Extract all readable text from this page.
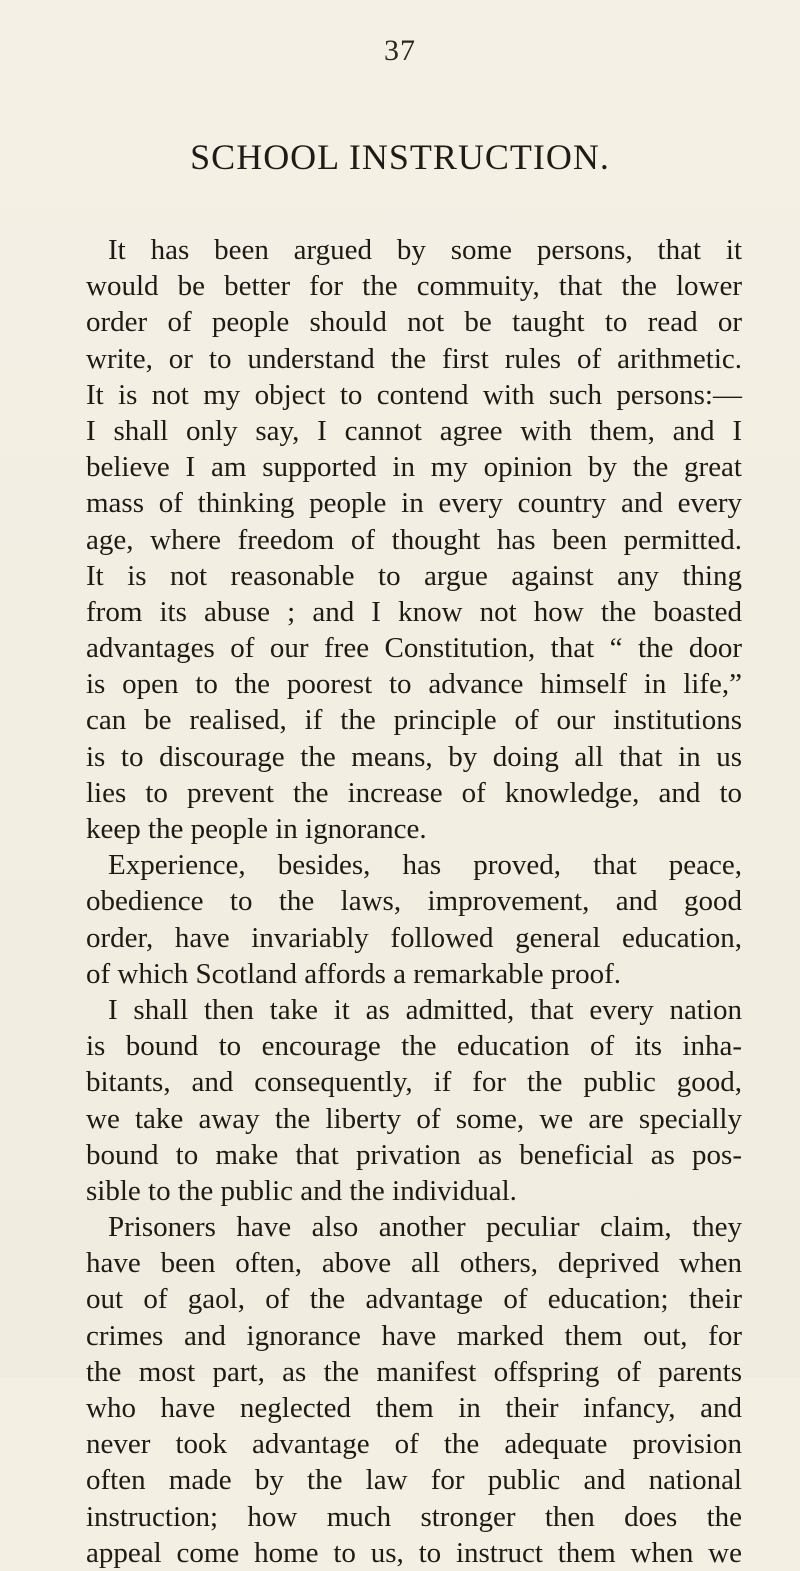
37
SCHOOL INSTRUCTION.
It has been argued by some persons, that it
would be better for the commuity, that the lower
order of people should not be taught to read or
write, or to understand the first rules of arithmetic.
It is not my object to contend with such persons:—
I shall only say, I cannot agree with them, and I
believe I am supported in my opinion by the great
mass of thinking people in every country and every
age, where freedom of thought has been permitted.
It is not reasonable to argue against any thing
from its abuse ; and I know not how the boasted
advantages of our free Constitution, that “ the door
is open to the poorest to advance himself in life,”
can be realised, if the principle of our institutions
is to discourage the means, by doing all that in us
lies to prevent the increase of knowledge, and to
keep the people in ignorance.
Experience, besides, has proved, that peace,
obedience to the laws, improvement, and good
order, have invariably followed general education,
of which Scotland affords a remarkable proof.
I shall then take it as admitted, that every nation
is bound to encourage the education of its inha-
bitants, and consequently, if for the public good,
we take away the liberty of some, we are specially
bound to make that privation as beneficial as pos-
sible to the public and the individual.
Prisoners have also another peculiar claim, they
have been often, above all others, deprived when
out of gaol, of the advantage of education; their
crimes and ignorance have marked them out, for
the most part, as the manifest offspring of parents
who have neglected them in their infancy, and
never took advantage of the adequate provision
often made by the law for public and national
instruction; how much stronger then does the
appeal come home to us, to instruct them when we
